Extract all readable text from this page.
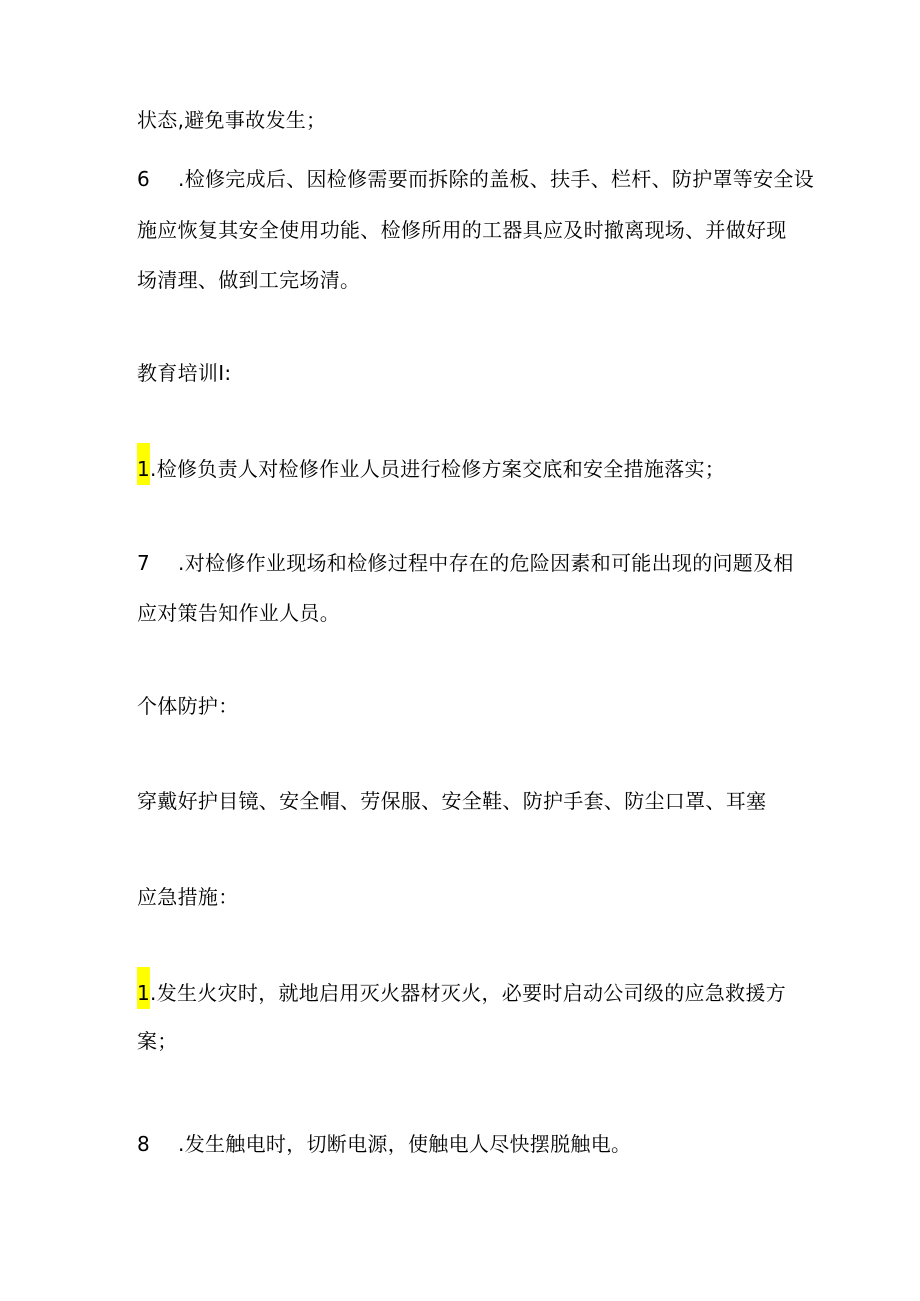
状态,避免事故发生；
6 .检修完成后、因检修需要而拆除的盖板、扶手、栏杆、防护罩等安全设
施应恢复其安全使用功能、检修所用的工器具应及时撤离现场、并做好现
场清理、做到工完场清。
教育培训I:
1.检修负责人对检修作业人员进行检修方案交底和安全措施落实；
7 .对检修作业现场和检修过程中存在的危险因素和可能出现的问题及相
应对策告知作业人员。
个体防护：
穿戴好护目镜、安全帽、劳保服、安全鞋、防护手套、防尘口罩、耳塞
应急措施：
1.发生火灾时，就地启用灭火器材灭火，必要时启动公司级的应急救援方
案；
8 .发生触电时，切断电源，使触电人尽快摆脱触电。
